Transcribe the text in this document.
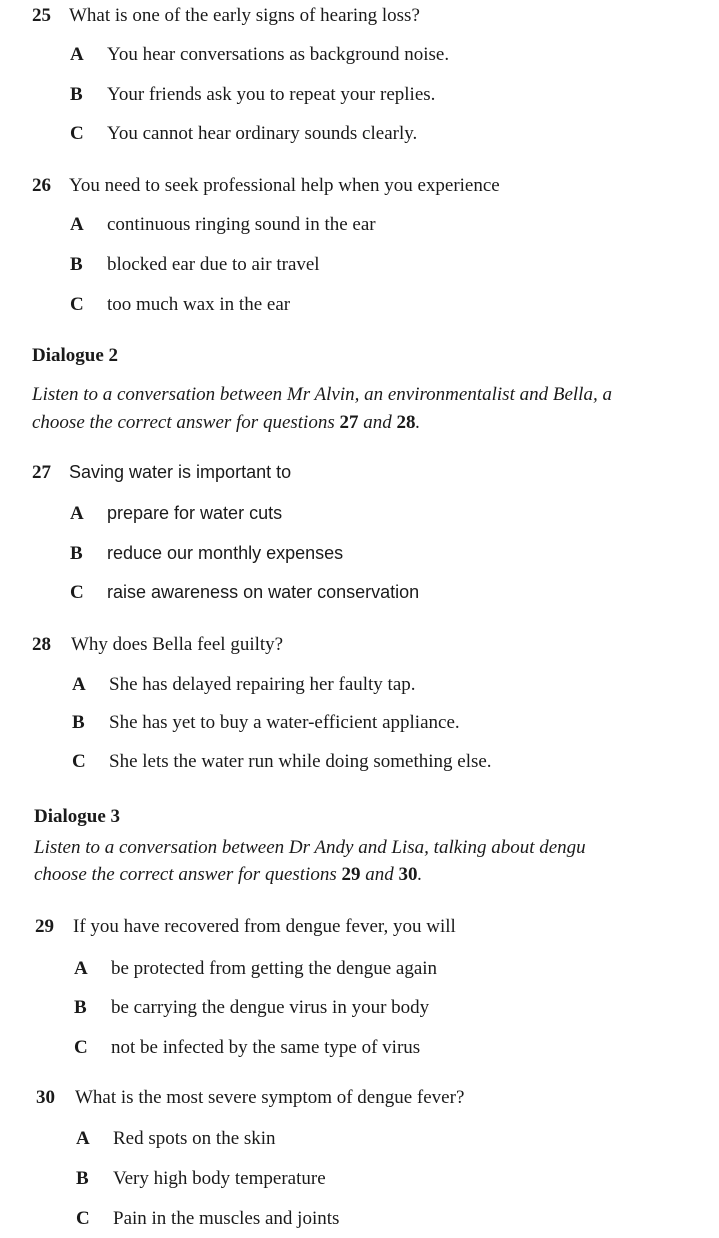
25 What is one of the early signs of hearing loss?
A You hear conversations as background noise.
B Your friends ask you to repeat your replies.
C You cannot hear ordinary sounds clearly.
26 You need to seek professional help when you experience
A continuous ringing sound in the ear
B blocked ear due to air travel
C too much wax in the ear
Dialogue 2
Listen to a conversation between Mr Alvin, an environmentalist and Bella, a
choose the correct answer for questions 27 and 28.
27 Saving water is important to
A prepare for water cuts
B reduce our monthly expenses
C raise awareness on water conservation
28 Why does Bella feel guilty?
A She has delayed repairing her faulty tap.
B She has yet to buy a water-efficient appliance.
C She lets the water run while doing something else.
Dialogue 3
Listen to a conversation between Dr Andy and Lisa, talking about dengu
choose the correct answer for questions 29 and 30.
29 If you have recovered from dengue fever, you will
A be protected from getting the dengue again
B be carrying the dengue virus in your body
C not be infected by the same type of virus
30 What is the most severe symptom of dengue fever?
A Red spots on the skin
B Very high body temperature
C Pain in the muscles and joints
